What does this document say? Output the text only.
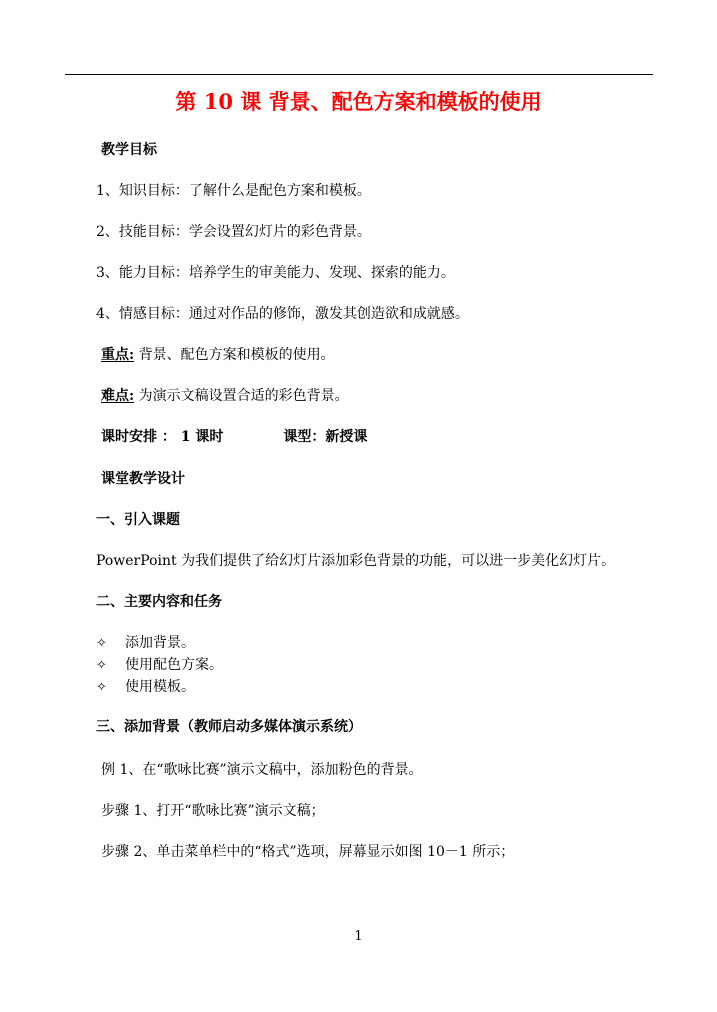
第 10 课 背景、配色方案和模板的使用
教学目标
1、知识目标：了解什么是配色方案和模板。
2、技能目标：学会设置幻灯片的彩色背景。
3、能力目标：培养学生的审美能力、发现、探索的能力。
4、情感目标：通过对作品的修饰，激发其创造欲和成就感。
重点: 背景、配色方案和模板的使用。
难点: 为演示文稿设置合适的彩色背景。
课时安排 ： 1 课时	课型：新授课
课堂教学设计
一、引入课题
PowerPoint 为我们提供了给幻灯片添加彩色背景的功能，可以进一步美化幻灯片。
二、主要内容和任务
✧ 添加背景。
✧ 使用配色方案。
✧ 使用模板。
三、添加背景（教师启动多媒体演示系统）
例 1、在“歌咏比赛”演示文稿中，添加粉色的背景。
步骤 1、打开“歌咏比赛”演示文稿；
步骤 2、单击菜单栏中的“格式”选项，屏幕显示如图 10－1 所示；
1
